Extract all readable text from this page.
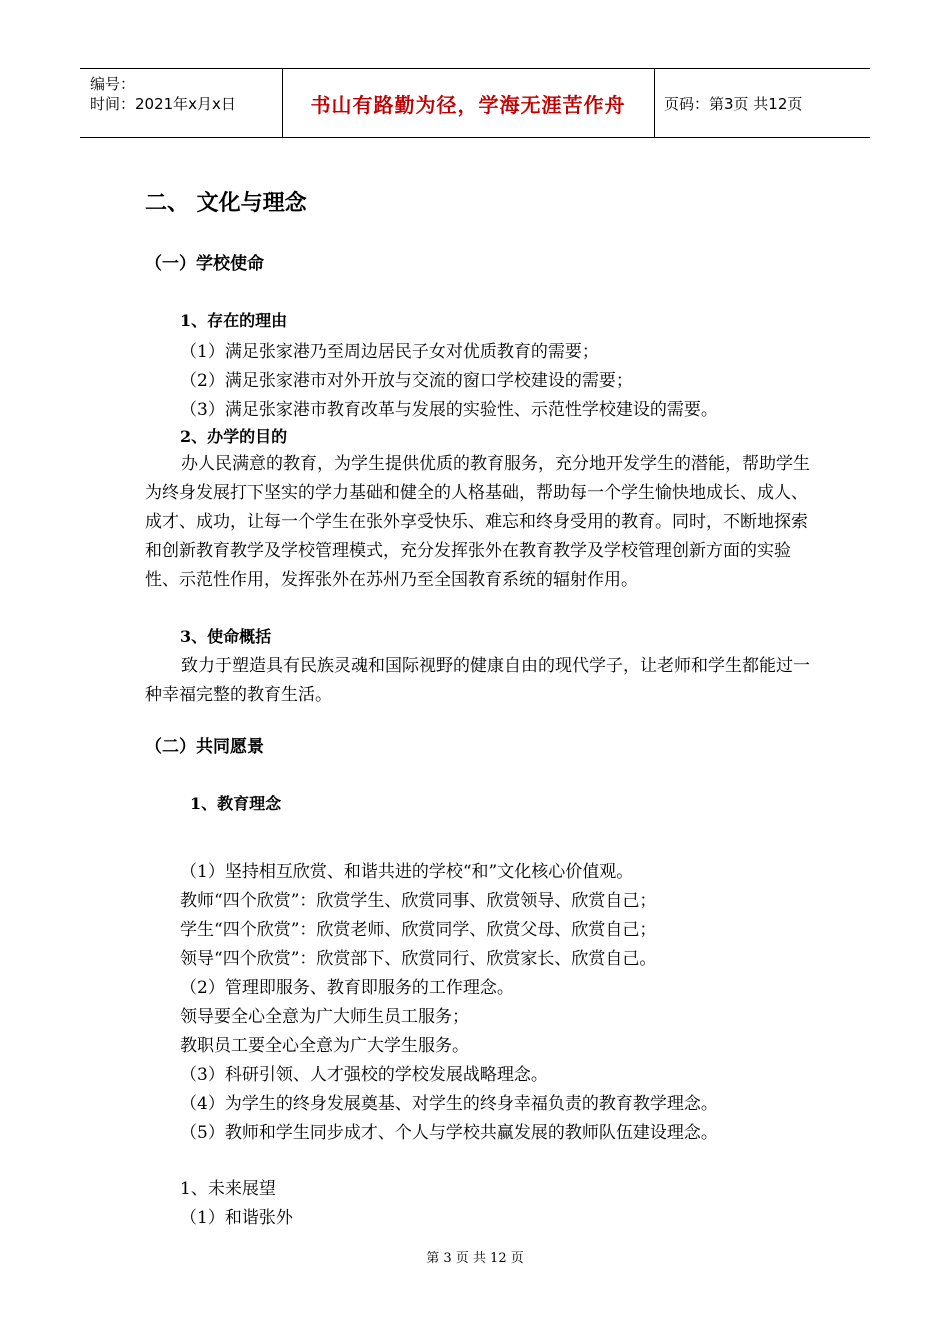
编号：
时间：2021年x月x日	书山有路勤为径，学海无涯苦作舟	页码：第3页 共12页
二、 文化与理念
（一）学校使命
1、存在的理由
（1）满足张家港乃至周边居民子女对优质教育的需要；
（2）满足张家港市对外开放与交流的窗口学校建设的需要；
（3）满足张家港市教育改革与发展的实验性、示范性学校建设的需要。
2、办学的目的
办人民满意的教育，为学生提供优质的教育服务，充分地开发学生的潜能，帮助学生为终身发展打下坚实的学力基础和健全的人格基础，帮助每一个学生愉快地成长、成人、成才、成功，让每一个学生在张外享受快乐、难忘和终身受用的教育。同时，不断地探索和创新教育教学及学校管理模式，充分发挥张外在教育教学及学校管理创新方面的实验性、示范性作用，发挥张外在苏州乃至全国教育系统的辐射作用。
3、使命概括
致力于塑造具有民族灵魂和国际视野的健康自由的现代学子，让老师和学生都能过一种幸福完整的教育生活。
（二）共同愿景
1、教育理念
（1）坚持相互欣赏、和谐共进的学校“和”文化核心价值观。
教师“四个欣赏”：欣赏学生、欣赏同事、欣赏领导、欣赏自己；
学生“四个欣赏”：欣赏老师、欣赏同学、欣赏父母、欣赏自己；
领导“四个欣赏”：欣赏部下、欣赏同行、欣赏家长、欣赏自己。
（2）管理即服务、教育即服务的工作理念。
领导要全心全意为广大师生员工服务；
教职员工要全心全意为广大学生服务。
（3）科研引领、人才强校的学校发展战略理念。
（4）为学生的终身发展奠基、对学生的终身幸福负责的教育教学理念。
（5）教师和学生同步成才、个人与学校共赢发展的教师队伍建设理念。
1、未来展望
（1）和谐张外
第 3 页 共 12 页
